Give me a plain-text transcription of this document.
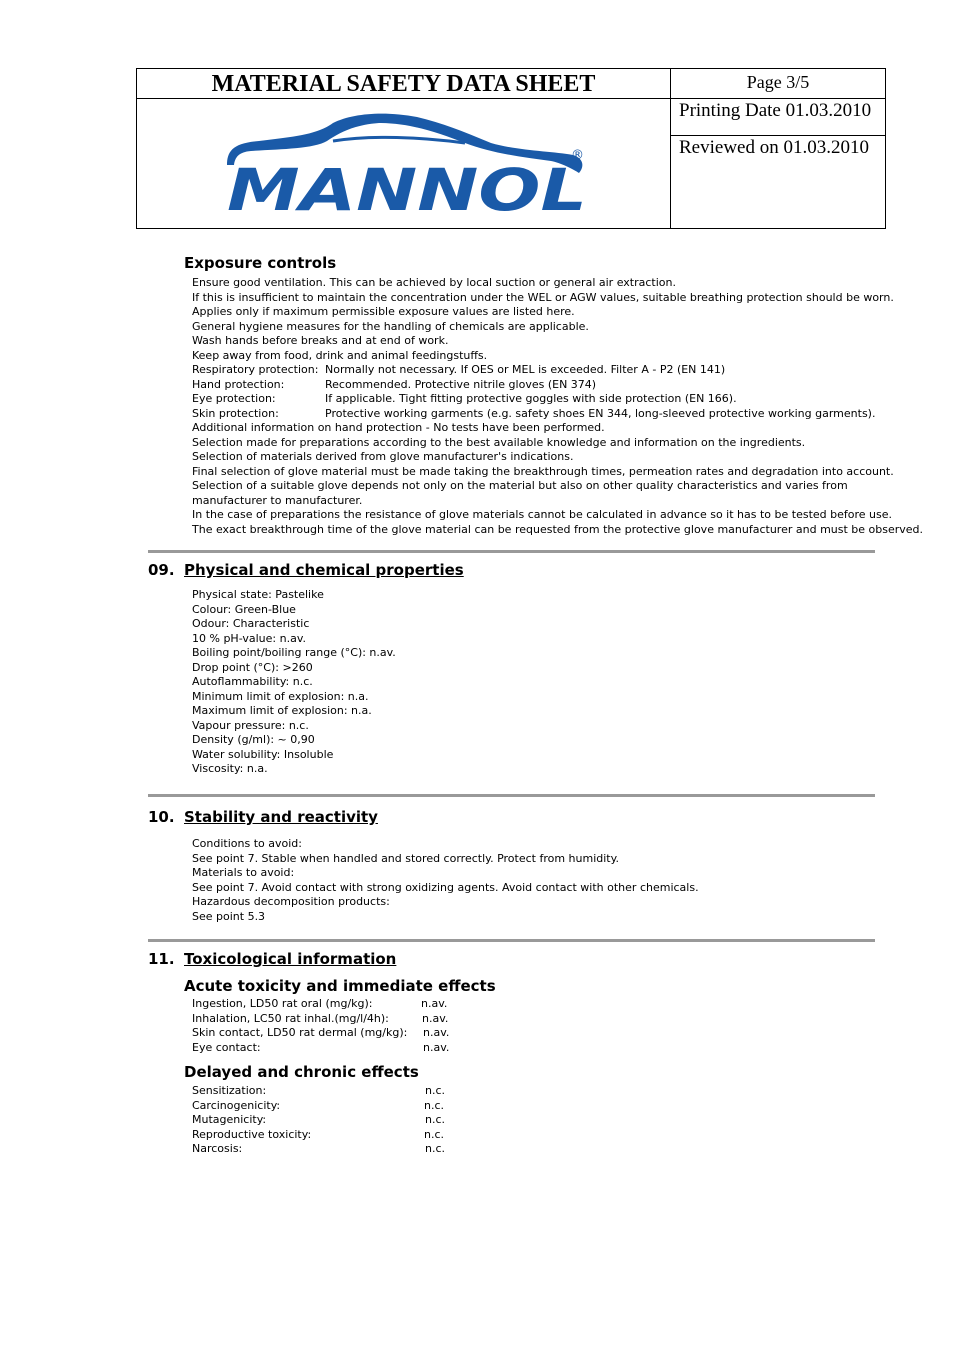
MATERIAL SAFETY DATA SHEET	Page 3/5
Printing Date 01.03.2010
Reviewed on 01.03.2010
MANNOL
®
Exposure controls
Ensure good ventilation. This can be achieved by local suction or general air extraction.
If this is insufficient to maintain the concentration under the WEL or AGW values, suitable breathing protection should be worn.
Applies only if maximum permissible exposure values are listed here.
General hygiene measures for the handling of chemicals are applicable.
Wash hands before breaks and at end of work.
Keep away from food, drink and animal feedingstuffs.
Respiratory protection: Normally not necessary. If OES or MEL is exceeded. Filter A - P2 (EN 141)
Hand protection:	Recommended. Protective nitrile gloves (EN 374)
Eye protection:	If applicable. Tight fitting protective goggles with side protection (EN 166).
Skin protection:	Protective working garments (e.g. safety shoes EN 344, long-sleeved protective working garments).
Additional information on hand protection - No tests have been performed.
Selection made for preparations according to the best available knowledge and information on the ingredients.
Selection of materials derived from glove manufacturer's indications.
Final selection of glove material must be made taking the breakthrough times, permeation rates and degradation into account.
Selection of a suitable glove depends not only on the material but also on other quality characteristics and varies from
manufacturer to manufacturer.
In the case of preparations the resistance of glove materials cannot be calculated in advance so it has to be tested before use.
The exact breakthrough time of the glove material can be requested from the protective glove manufacturer and must be observed.
09. Physical and chemical properties
Physical state: Pastelike
Colour: Green-Blue
Odour: Characteristic
10 % pH-value: n.av.
Boiling point/boiling range (°C): n.av.
Drop point (°C): >260
Autoflammability: n.c.
Minimum limit of explosion: n.a.
Maximum limit of explosion: n.a.
Vapour pressure: n.c.
Density (g/ml): ~ 0,90
Water solubility: Insoluble
Viscosity: n.a.
10. Stability and reactivity
Conditions to avoid:
See point 7. Stable when handled and stored correctly. Protect from humidity.
Materials to avoid:
See point 7. Avoid contact with strong oxidizing agents. Avoid contact with other chemicals.
Hazardous decomposition products:
See point 5.3
11. Toxicological information
Acute toxicity and immediate effects
Ingestion, LD50 rat oral (mg/kg):	n.av.
Inhalation, LC50 rat inhal.(mg/l/4h):	n.av.
Skin contact, LD50 rat dermal (mg/kg): n.av.
Eye contact:	n.av.
Delayed and chronic effects
Sensitization:	n.c.
Carcinogenicity:	n.c.
Mutagenicity:	n.c.
Reproductive toxicity:	n.c.
Narcosis:	n.c.
